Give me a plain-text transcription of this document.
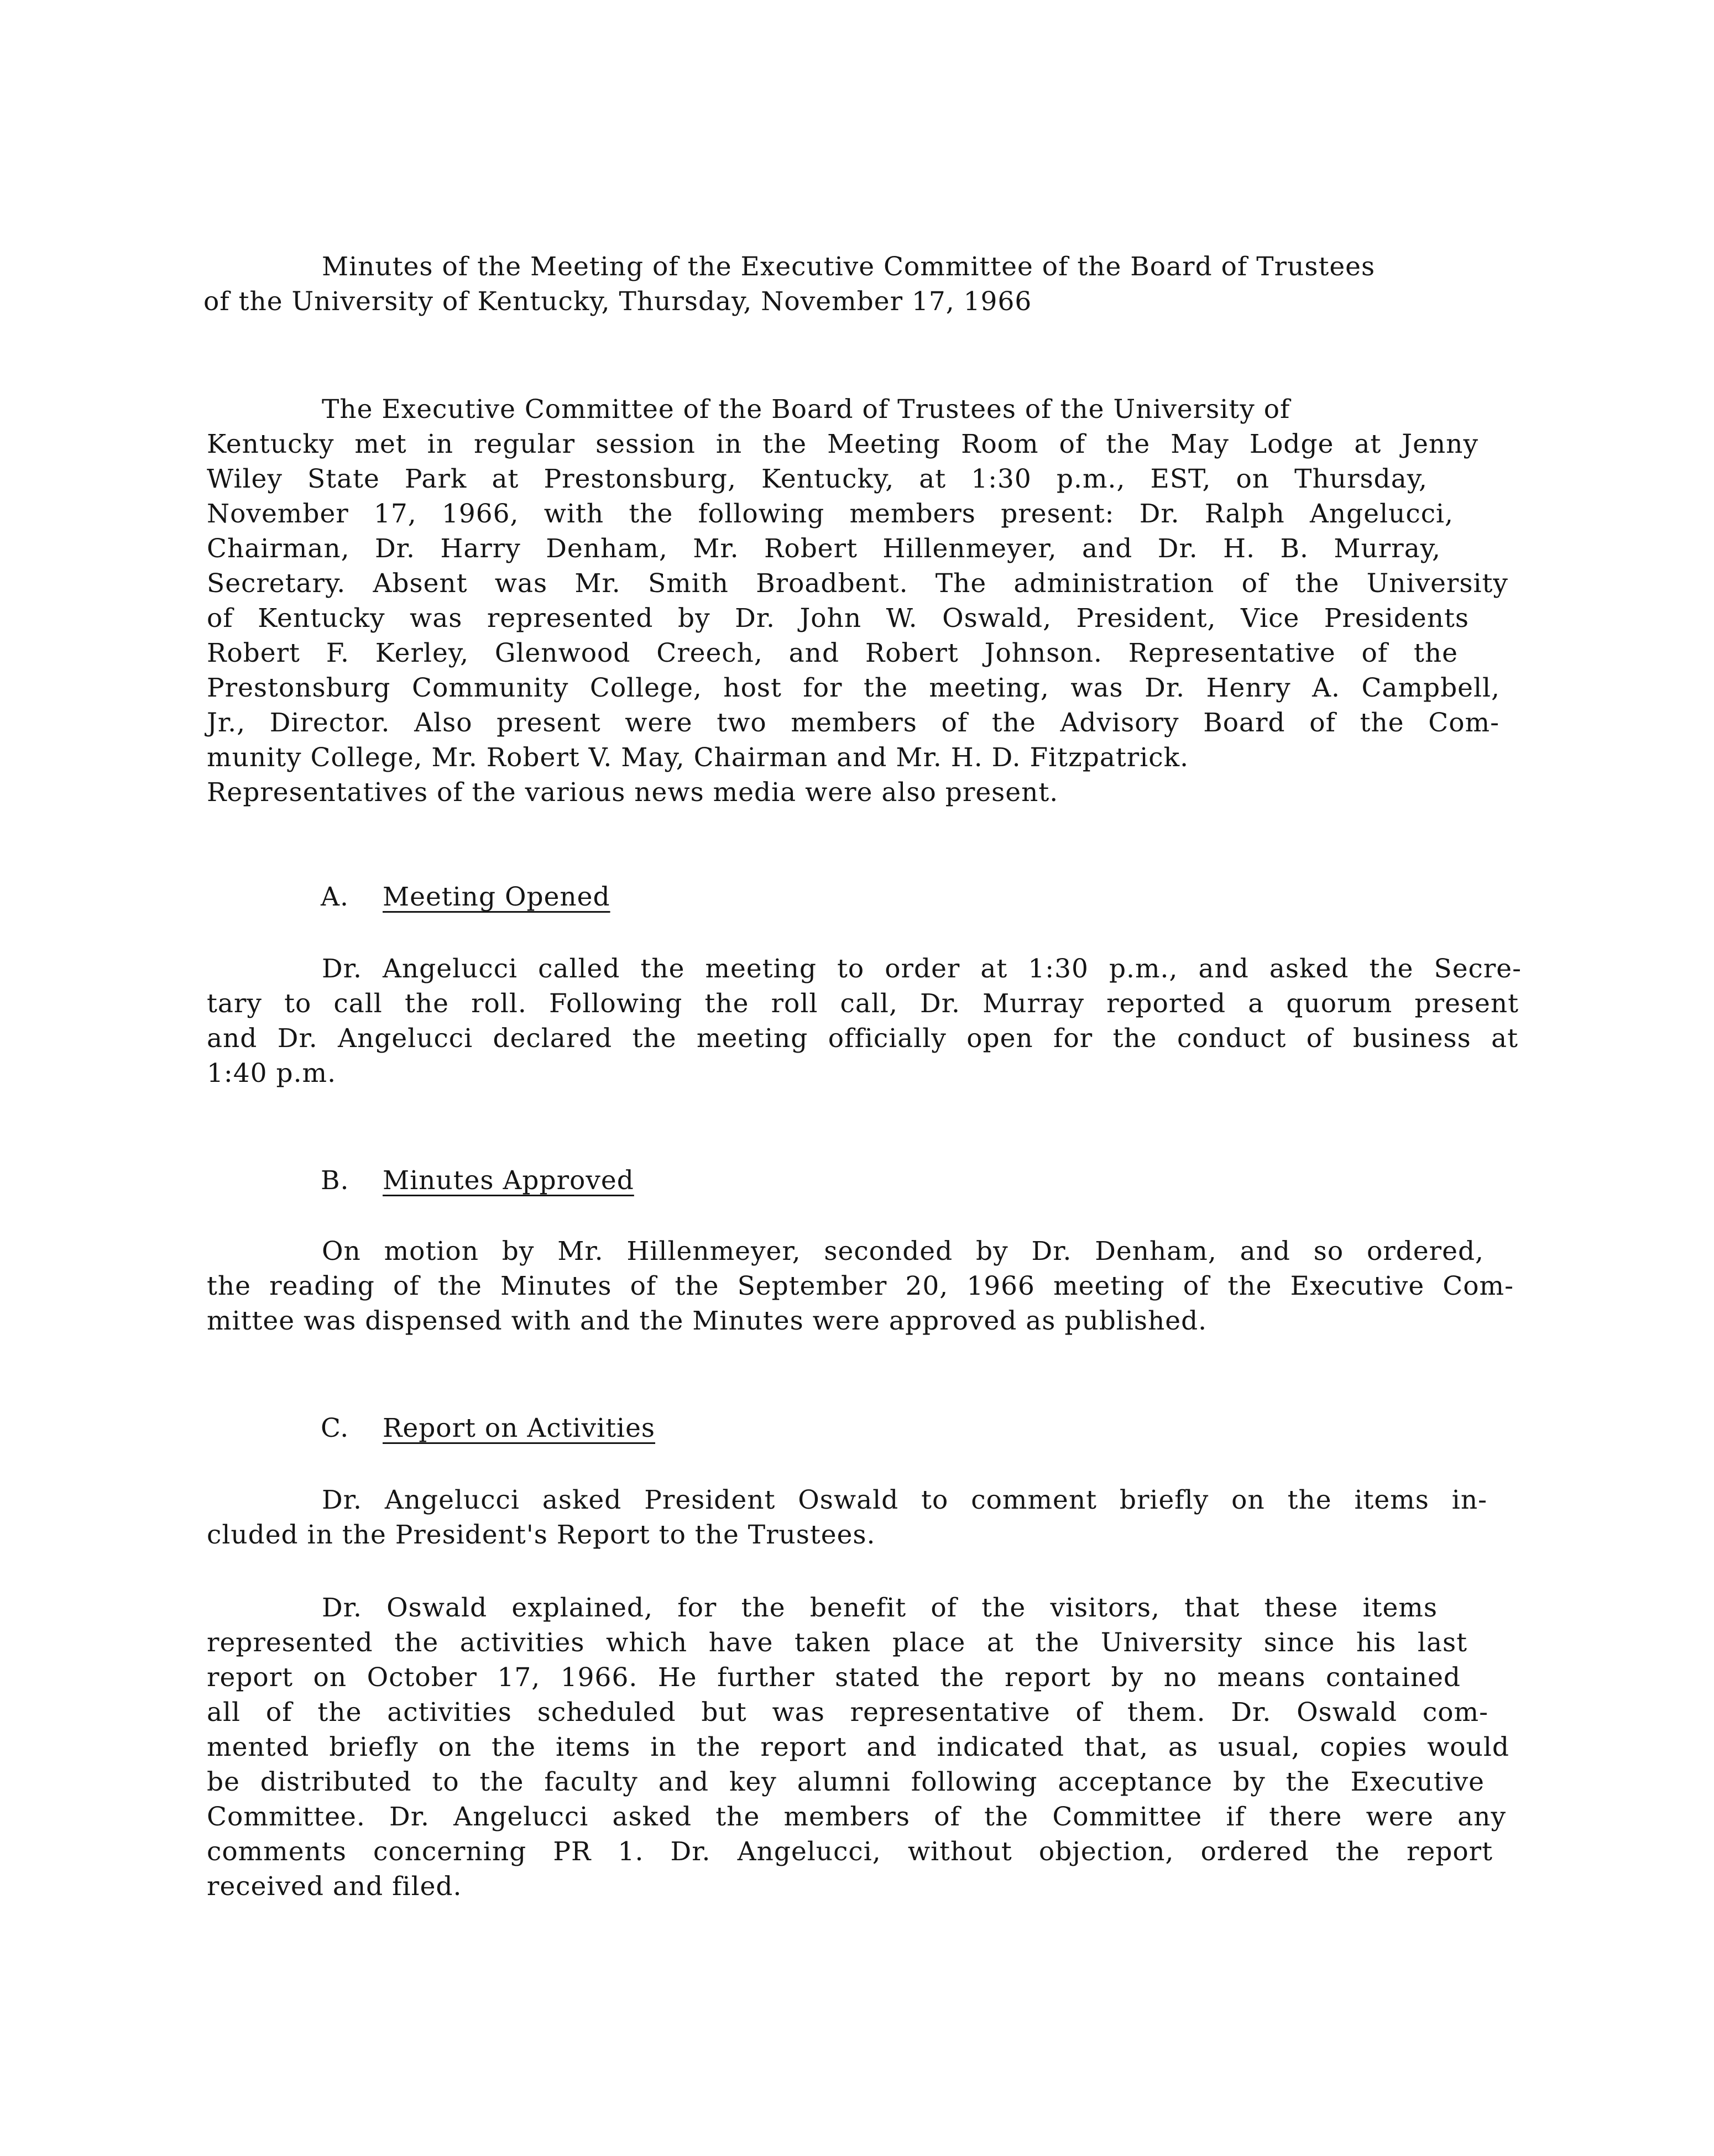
Minutes of the Meeting of the Executive Committee of the Board of Trustees
of the University of Kentucky, Thursday, November 17, 1966
The Executive Committee of the Board of Trustees of the University of
Kentucky met in regular session in the Meeting Room of the May Lodge at Jenny
Wiley State Park at Prestonsburg, Kentucky, at 1:30 p.m., EST, on Thursday,
November 17, 1966, with the following members present: Dr. Ralph Angelucci,
Chairman, Dr. Harry Denham, Mr. Robert Hillenmeyer, and Dr. H. B. Murray,
Secretary. Absent was Mr. Smith Broadbent. The administration of the University
of Kentucky was represented by Dr. John W. Oswald, President, Vice Presidents
Robert F. Kerley, Glenwood Creech, and Robert Johnson. Representative of the
Prestonsburg Community College, host for the meeting, was Dr. Henry A. Campbell,
Jr., Director. Also present were two members of the Advisory Board of the Com-
munity College, Mr. Robert V. May, Chairman and Mr. H. D. Fitzpatrick.
Representatives of the various news media were also present.
A. Meeting Opened
Dr. Angelucci called the meeting to order at 1:30 p.m., and asked the Secre-
tary to call the roll. Following the roll call, Dr. Murray reported a quorum present
and Dr. Angelucci declared the meeting officially open for the conduct of business at
1:40 p.m.
B. Minutes Approved
On motion by Mr. Hillenmeyer, seconded by Dr. Denham, and so ordered,
the reading of the Minutes of the September 20, 1966 meeting of the Executive Com-
mittee was dispensed with and the Minutes were approved as published.
C. Report on Activities
Dr. Angelucci asked President Oswald to comment briefly on the items in-
cluded in the President's Report to the Trustees.
Dr. Oswald explained, for the benefit of the visitors, that these items
represented the activities which have taken place at the University since his last
report on October 17, 1966. He further stated the report by no means contained
all of the activities scheduled but was representative of them. Dr. Oswald com-
mented briefly on the items in the report and indicated that, as usual, copies would
be distributed to the faculty and key alumni following acceptance by the Executive
Committee. Dr. Angelucci asked the members of the Committee if there were any
comments concerning PR 1. Dr. Angelucci, without objection, ordered the report
received and filed.
